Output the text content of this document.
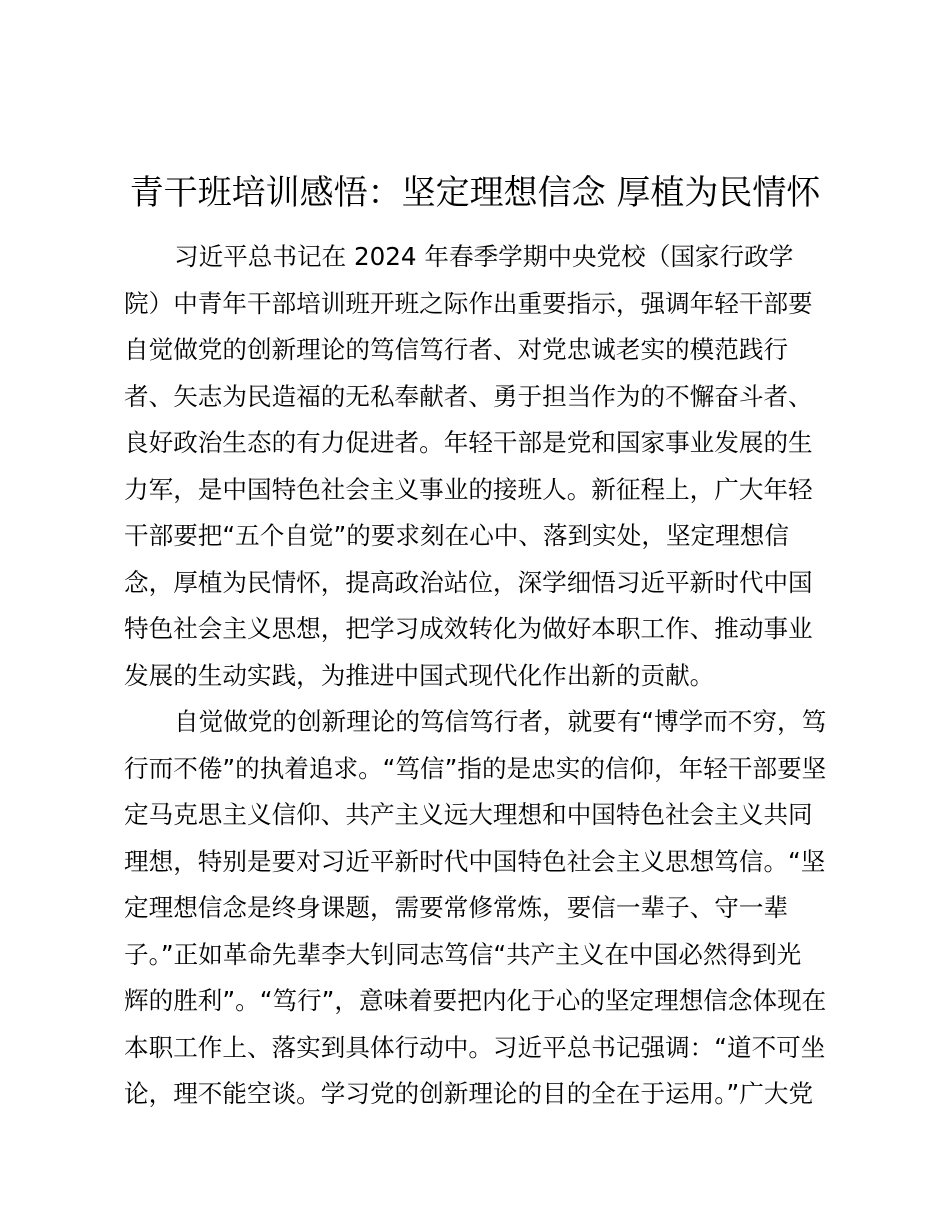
青干班培训感悟：坚定理想信念 厚植为民情怀
习近平总书记在 2024 年春季学期中央党校（国家行政学
院）中青年干部培训班开班之际作出重要指示，强调年轻干部要
自觉做党的创新理论的笃信笃行者、对党忠诚老实的模范践行
者、矢志为民造福的无私奉献者、勇于担当作为的不懈奋斗者、
良好政治生态的有力促进者。年轻干部是党和国家事业发展的生
力军，是中国特色社会主义事业的接班人。新征程上，广大年轻
干部要把“五个自觉”的要求刻在心中、落到实处，坚定理想信
念，厚植为民情怀，提高政治站位，深学细悟习近平新时代中国
特色社会主义思想，把学习成效转化为做好本职工作、推动事业
发展的生动实践，为推进中国式现代化作出新的贡献。
自觉做党的创新理论的笃信笃行者，就要有“博学而不穷，笃
行而不倦”的执着追求。“笃信”指的是忠实的信仰，年轻干部要坚
定马克思主义信仰、共产主义远大理想和中国特色社会主义共同
理想，特别是要对习近平新时代中国特色社会主义思想笃信。“坚
定理想信念是终身课题，需要常修常炼，要信一辈子、守一辈
子。”正如革命先辈李大钊同志笃信“共产主义在中国必然得到光
辉的胜利”。“笃行”，意味着要把内化于心的坚定理想信念体现在
本职工作上、落实到具体行动中。习近平总书记强调：“道不可坐
论，理不能空谈。学习党的创新理论的目的全在于运用。”广大党
